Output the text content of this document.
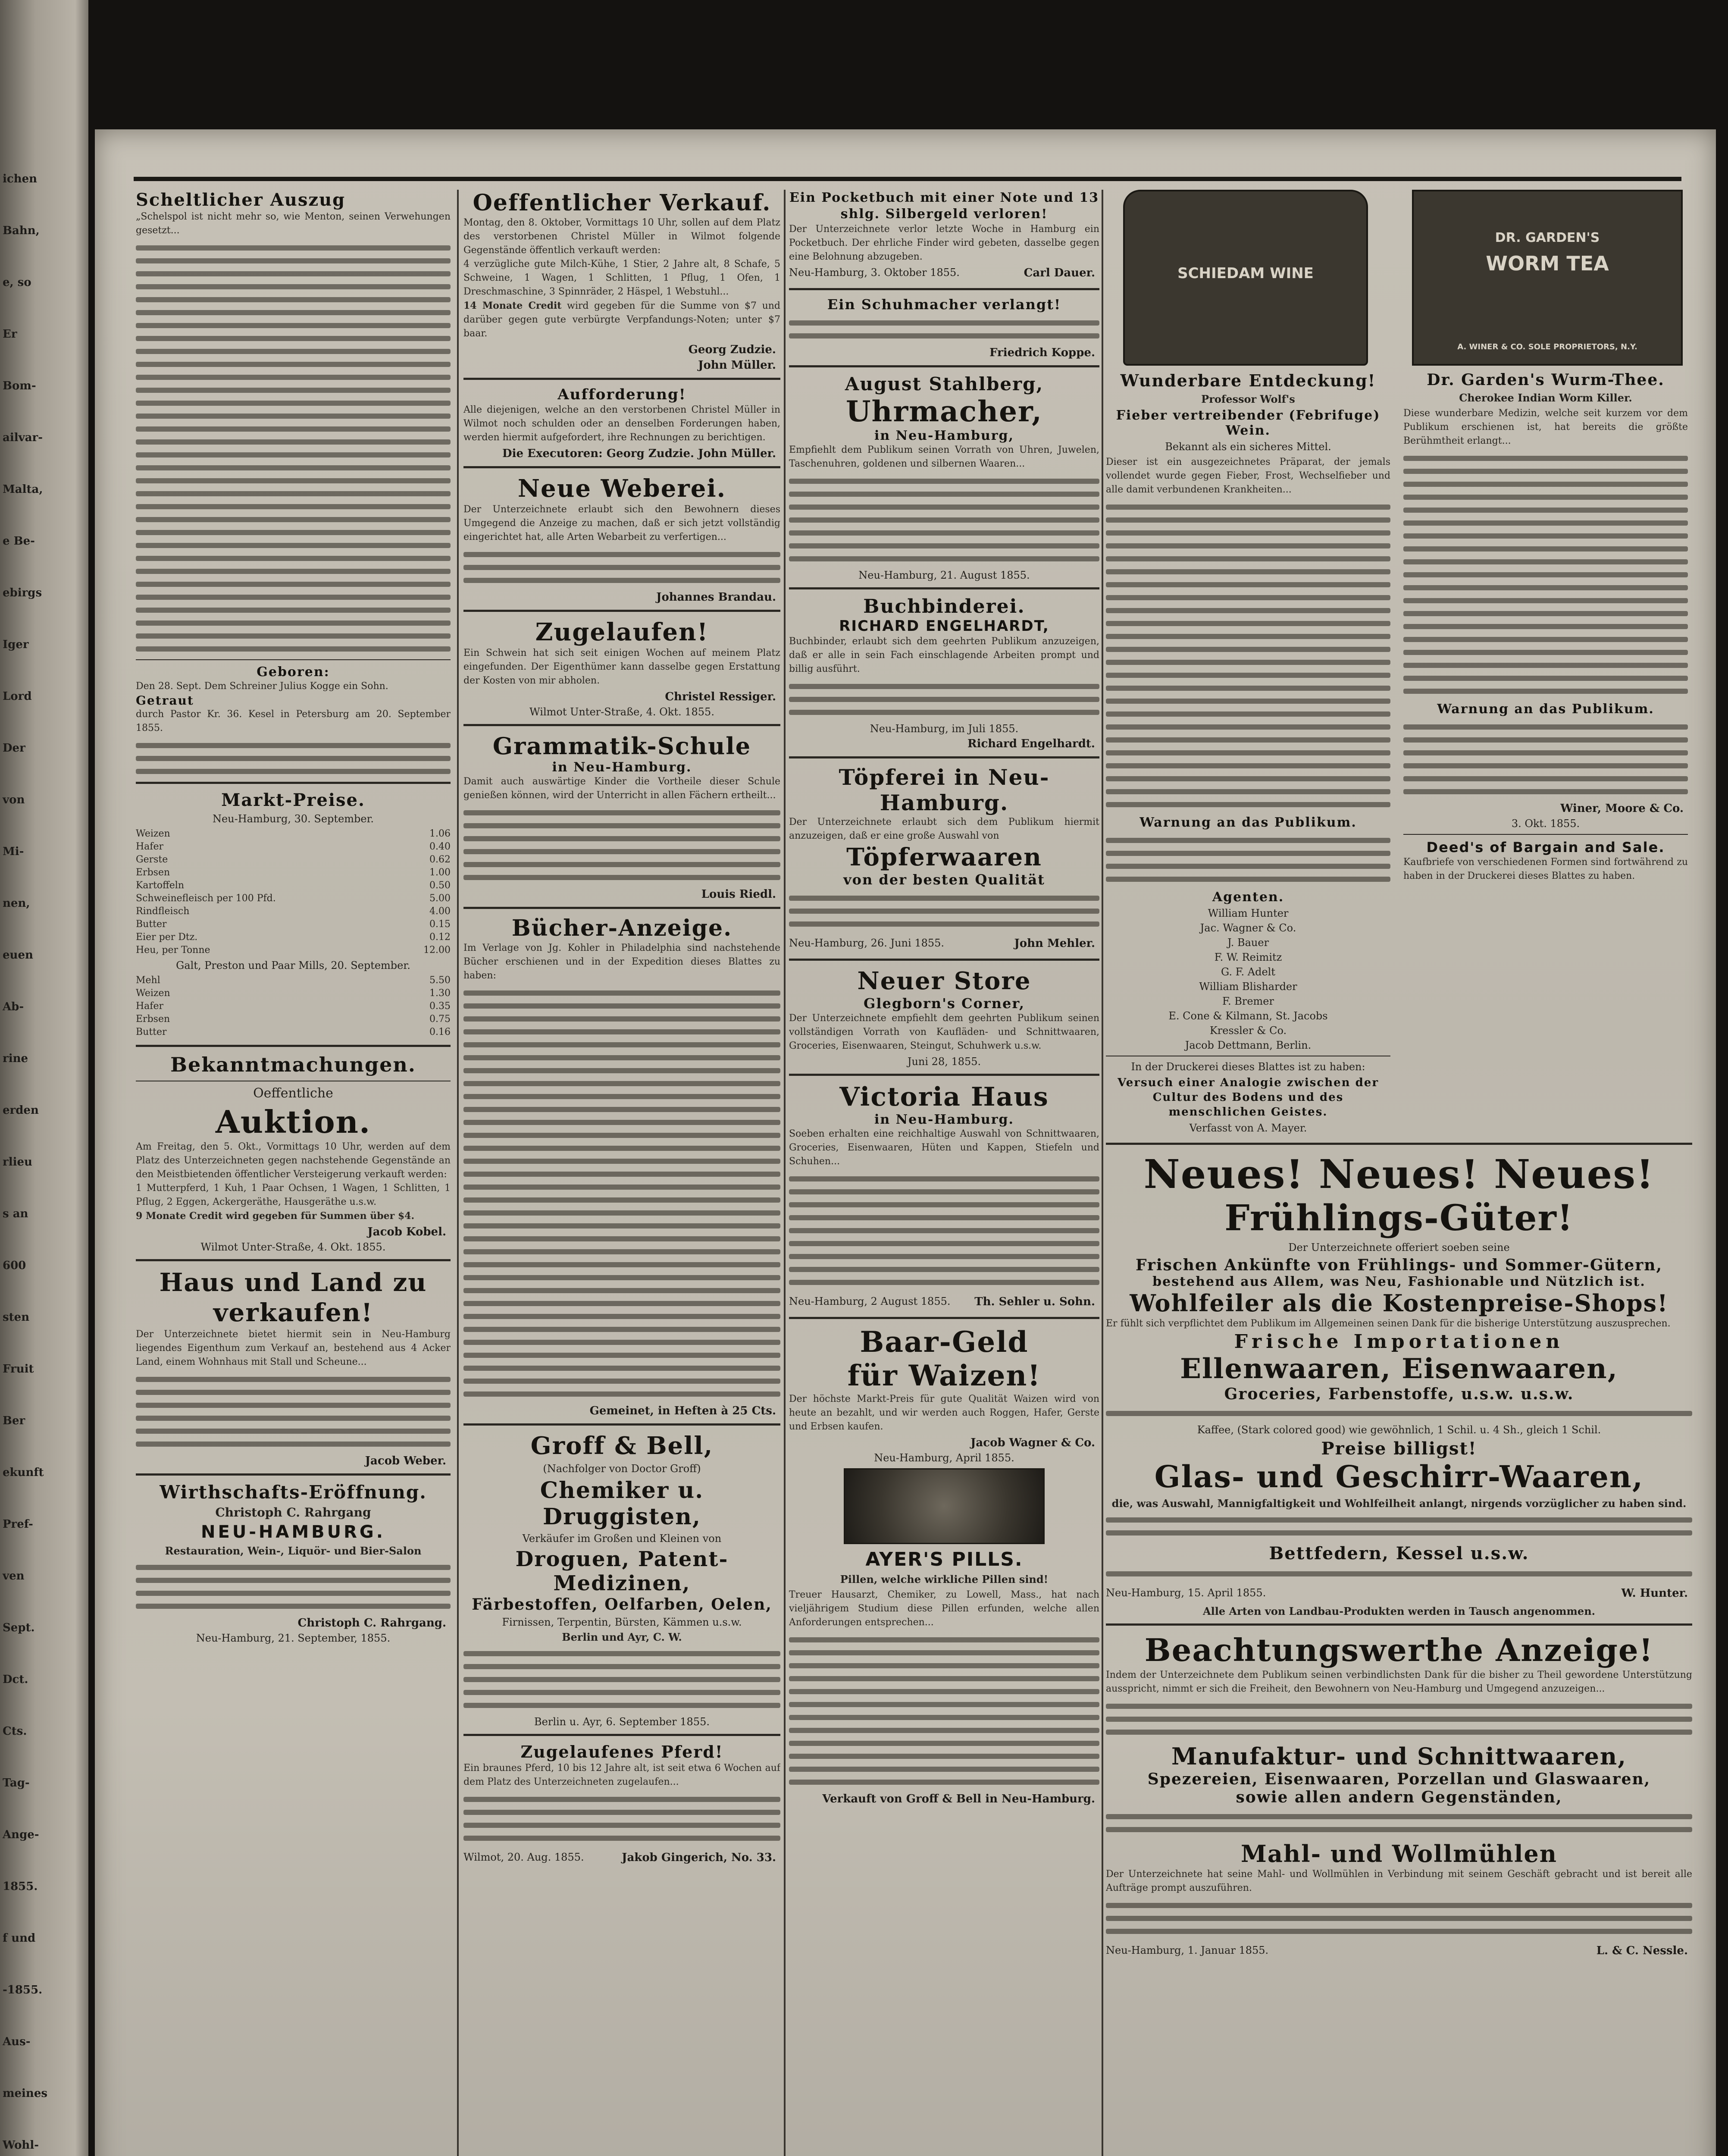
ichen
Bahn,
e, so
Er
Bom-
ailvar-
Malta,
e Be-
ebirgs
Iger
Lord
Der
von
Mi-
nen,
euen
Ab-
rine
erden
rlieu
s an
600
sten
Fruit
Ber
ekunft
Pref-
ven
Sept.
Dct.
Cts.
Tag-
Ange-
1855.
f und
-1855.
Aus-
meines
Wohl-
Scheltlicher Auszug
„Schelspol ist nicht mehr so, wie Menton, seinen Verwehungen gesetzt...
Geboren:
Den 28. Sept. Dem Schreiner Julius Kogge ein Sohn.
Getraut
durch Pastor Kr. 36. Kesel in Petersburg am 20. September 1855.
Markt-Preise.
Neu-Hamburg, 30. September.
Weizen	1.06
Hafer	0.40
Gerste	0.62
Erbsen	1.00
Kartoffeln	0.50
Schweinefleisch per 100 Pfd.	5.00
Rindfleisch	4.00
Butter	0.15
Eier per Dtz.	0.12
Heu, per Tonne	12.00
Galt, Preston und Paar Mills, 20. September.
Mehl	5.50
Weizen	1.30
Hafer	0.35
Erbsen	0.75
Butter	0.16
Bekanntmachungen.
Oeffentliche
Auktion.
Am Freitag, den 5. Okt., Vormittags 10 Uhr, werden auf dem Platz des Unterzeichneten gegen nachstehende Gegenstände an den Meistbietenden öffentlicher Versteigerung verkauft werden:
1 Mutterpferd, 1 Kuh, 1 Paar Ochsen, 1 Wagen, 1 Schlitten, 1 Pflug, 2 Eggen, Ackergeräthe, Hausgeräthe u.s.w.
9 Monate Credit wird gegeben für Summen über $4.
Jacob Kobel.
Wilmot Unter-Straße, 4. Okt. 1855.
Haus und Land zu verkaufen!
Der Unterzeichnete bietet hiermit sein in Neu-Hamburg liegendes Eigenthum zum Verkauf an, bestehend aus 4 Acker Land, einem Wohnhaus mit Stall und Scheune...
Jacob Weber.
Wirthschafts-Eröffnung.
Christoph C. Rahrgang
NEU-HAMBURG.
Restauration, Wein-, Liquör- und Bier-Salon
Christoph C. Rahrgang.
Neu-Hamburg, 21. September, 1855.
Oeffentlicher Verkauf.
Montag, den 8. Oktober, Vormittags 10 Uhr, sollen auf dem Platz des verstorbenen Christel Müller in Wilmot folgende Gegenstände öffentlich verkauft werden:
4 verzügliche gute Milch-Kühe, 1 Stier, 2 Jahre alt, 8 Schafe, 5 Schweine, 1 Wagen, 1 Schlitten, 1 Pflug, 1 Ofen, 1 Dreschmaschine, 3 Spinnräder, 2 Häspel, 1 Webstuhl...
14 Monate Credit wird gegeben für die Summe von $7 und darüber gegen gute verbürgte Verpfandungs-Noten; unter $7 baar.
Georg Zudzie.
John Müller.
Aufforderung!
Alle diejenigen, welche an den verstorbenen Christel Müller in Wilmot noch schulden oder an denselben Forderungen haben, werden hiermit aufgefordert, ihre Rechnungen zu berichtigen.
Die Executoren: Georg Zudzie. John Müller.
Neue Weberei.
Der Unterzeichnete erlaubt sich den Bewohnern dieses Umgegend die Anzeige zu machen, daß er sich jetzt vollständig eingerichtet hat, alle Arten Webarbeit zu verfertigen...
Johannes Brandau.
Zugelaufen!
Ein Schwein hat sich seit einigen Wochen auf meinem Platz eingefunden. Der Eigenthümer kann dasselbe gegen Erstattung der Kosten von mir abholen.
Christel Ressiger.
Wilmot Unter-Straße, 4. Okt. 1855.
Grammatik-Schule
in Neu-Hamburg.
Damit auch auswärtige Kinder die Vortheile dieser Schule genießen können, wird der Unterricht in allen Fächern ertheilt...
Louis Riedl.
Bücher-Anzeige.
Im Verlage von Jg. Kohler in Philadelphia sind nachstehende Bücher erschienen und in der Expedition dieses Blattes zu haben:
Gemeinet, in Heften à 25 Cts.
Groff & Bell,
(Nachfolger von Doctor Groff)
Chemiker u. Druggisten,
Verkäufer im Großen und Kleinen von
Droguen, Patent-Medizinen,
Färbestoffen, Oelfarben, Oelen,
Firnissen, Terpentin, Bürsten, Kämmen u.s.w.
Berlin und Ayr, C. W.
Berlin u. Ayr, 6. September 1855.
Zugelaufenes Pferd!
Ein braunes Pferd, 10 bis 12 Jahre alt, ist seit etwa 6 Wochen auf dem Platz des Unterzeichneten zugelaufen...
Wilmot, 20. Aug. 1855.	Jakob Gingerich, No. 33.
Ein Pocketbuch mit einer Note und 13 shlg. Silbergeld verloren!
Der Unterzeichnete verlor letzte Woche in Hamburg ein Pocketbuch. Der ehrliche Finder wird gebeten, dasselbe gegen eine Belohnung abzugeben.
Neu-Hamburg, 3. Oktober 1855.	Carl Dauer.
Ein Schuhmacher verlangt!
Friedrich Koppe.
August Stahlberg,
Uhrmacher,
in Neu-Hamburg,
Empfiehlt dem Publikum seinen Vorrath von Uhren, Juwelen, Taschenuhren, goldenen und silbernen Waaren...
Neu-Hamburg, 21. August 1855.
Buchbinderei.
RICHARD ENGELHARDT,
Buchbinder, erlaubt sich dem geehrten Publikum anzuzeigen, daß er alle in sein Fach einschlagende Arbeiten prompt und billig ausführt.
Neu-Hamburg, im Juli 1855.
Richard Engelhardt.
Töpferei in Neu-Hamburg.
Der Unterzeichnete erlaubt sich dem Publikum hiermit anzuzeigen, daß er eine große Auswahl von
Töpferwaaren
von der besten Qualität
Neu-Hamburg, 26. Juni 1855.	John Mehler.
Neuer Store
Glegborn's Corner,
Der Unterzeichnete empfiehlt dem geehrten Publikum seinen vollständigen Vorrath von Kaufläden- und Schnittwaaren, Groceries, Eisenwaaren, Steingut, Schuhwerk u.s.w.
Juni 28, 1855.
Victoria Haus
in Neu-Hamburg.
Soeben erhalten eine reichhaltige Auswahl von Schnittwaaren, Groceries, Eisenwaaren, Hüten und Kappen, Stiefeln und Schuhen...
Neu-Hamburg, 2 August 1855. Th. Sehler u. Sohn.
Baar-Geld
für Waizen!
Der höchste Markt-Preis für gute Qualität Waizen wird von heute an bezahlt, und wir werden auch Roggen, Hafer, Gerste und Erbsen kaufen.
Jacob Wagner & Co.
Neu-Hamburg, April 1855.
AYER'S PILLS.
Pillen, welche wirkliche Pillen sind!
Treuer Hausarzt, Chemiker, zu Lowell, Mass., hat nach vieljährigem Studium diese Pillen erfunden, welche allen Anforderungen entsprechen...
Verkauft von Groff & Bell in Neu-Hamburg.
SCHIEDAM WINE
Wunderbare Entdeckung!
Professor Wolf's
Fieber vertreibender (Febrifuge) Wein.
Bekannt als ein sicheres Mittel.
Dieser ist ein ausgezeichnetes Präparat, der jemals vollendet wurde gegen Fieber, Frost, Wechselfieber und alle damit verbundenen Krankheiten...
Warnung an das Publikum.
Agenten.
William Hunter
Jac. Wagner & Co.
J. Bauer
F. W. Reimitz
G. F. Adelt
William Blisharder
F. Bremer
E. Cone & Kilmann, St. Jacobs
Kressler & Co.
Jacob Dettmann, Berlin.
In der Druckerei dieses Blattes ist zu haben:
Versuch einer Analogie zwischen der Cultur des Bodens und des menschlichen Geistes.
Verfasst von A. Mayer.
DR. GARDEN'S
WORM TEA
A. WINER & CO. SOLE PROPRIETORS, N.Y.
Dr. Garden's Wurm-Thee.
Cherokee Indian Worm Killer.
Diese wunderbare Medizin, welche seit kurzem vor dem Publikum erschienen ist, hat bereits die größte Berühmtheit erlangt...
Warnung an das Publikum.
Winer, Moore & Co.
3. Okt. 1855.
Deed's of Bargain and Sale.
Kaufbriefe von verschiedenen Formen sind fortwährend zu haben in der Druckerei dieses Blattes zu haben.
Neues! Neues! Neues!
Frühlings-Güter!
Der Unterzeichnete offeriert soeben seine
Frischen Ankünfte von Frühlings- und Sommer-Gütern,
bestehend aus Allem, was Neu, Fashionable und Nützlich ist.
Wohlfeiler als die Kostenpreise-Shops!
Er fühlt sich verpflichtet dem Publikum im Allgemeinen seinen Dank für die bisherige Unterstützung auszusprechen.
Frische Importationen
Ellenwaaren, Eisenwaaren,
Groceries, Farbenstoffe, u.s.w. u.s.w.
Kaffee, (Stark colored good) wie gewöhnlich, 1 Schil. u. 4 Sh., gleich 1 Schil.
Preise billigst!
Glas- und Geschirr-Waaren,
die, was Auswahl, Mannigfaltigkeit und Wohlfeilheit anlangt, nirgends vorzüglicher zu haben sind.
Bettfedern, Kessel u.s.w.
Neu-Hamburg, 15. April 1855.	W. Hunter.
Alle Arten von Landbau-Produkten werden in Tausch angenommen.
Beachtungswerthe Anzeige!
Indem der Unterzeichnete dem Publikum seinen verbindlichsten Dank für die bisher zu Theil gewordene Unterstützung ausspricht, nimmt er sich die Freiheit, den Bewohnern von Neu-Hamburg und Umgegend anzuzeigen...
Manufaktur- und Schnittwaaren,
Spezereien, Eisenwaaren, Porzellan und Glaswaaren,
sowie allen andern Gegenständen,
Mahl- und Wollmühlen
Der Unterzeichnete hat seine Mahl- und Wollmühlen in Verbindung mit seinem Geschäft gebracht und ist bereit alle Aufträge prompt auszuführen.
Neu-Hamburg, 1. Januar 1855.	L. & C. Nessle.
